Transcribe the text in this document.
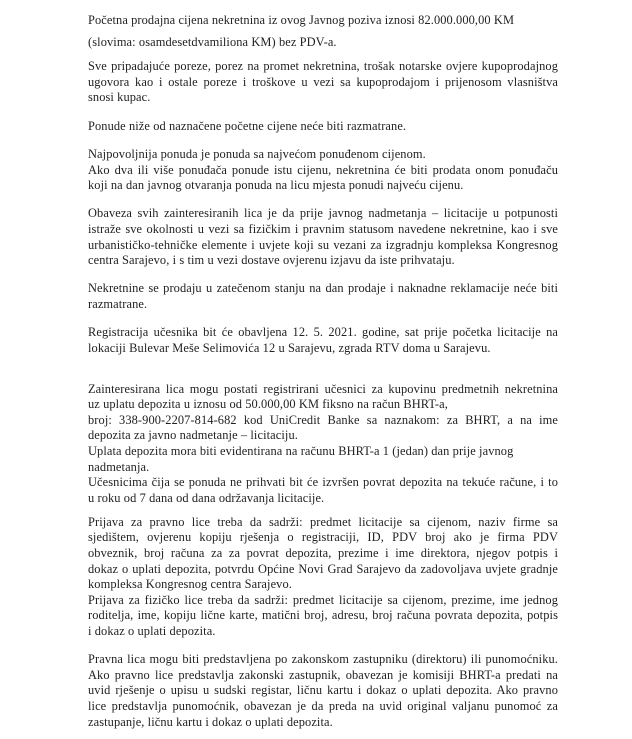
Početna prodajna cijena nekretnina iz ovog Javnog poziva iznosi 82.000.000,00 KM
(slovima: osamdesetdvamiliona KM) bez PDV-a.
Sve pripadajuće poreze, porez na promet nekretnina, trošak notarske ovjere kupoprodajnog
ugovora kao i ostale poreze i troškove u vezi sa kupoprodajom i prijenosom vlasništva
snosi kupac.
Ponude niže od naznačene početne cijene neće biti razmatrane.
Najpovoljnija ponuda je ponuda sa najvećom ponuđenom cijenom.
Ako dva ili više ponuđača ponude istu cijenu, nekretnina će biti prodata onom ponuđaču
koji na dan javnog otvaranja ponuda na licu mjesta ponudi najveću cijenu.
Obaveza svih zainteresiranih lica je da prije javnog nadmetanja – licitacije u potpunosti
istraže sve okolnosti u vezi sa fizičkim i pravnim statusom navedene nekretnine, kao i sve
urbanističko-tehničke elemente i uvjete koji su vezani za izgradnju kompleksa Kongresnog
centra Sarajevo, i s tim u vezi dostave ovjerenu izjavu da iste prihvataju.
Nekretnine se prodaju u zatečenom stanju na dan prodaje i naknadne reklamacije neće biti
razmatrane.
Registracija učesnika bit će obavljena 12. 5. 2021. godine, sat prije početka licitacije na
lokaciji Bulevar Meše Selimovića 12 u Sarajevu, zgrada RTV doma u Sarajevu.
Zainteresirana lica mogu postati registrirani učesnici za kupovinu predmetnih nekretnina
uz uplatu depozita u iznosu od 50.000,00 KM fiksno na račun BHRT-a,
broj: 338-900-2207-814-682 kod UniCredit Banke sa naznakom: za BHRT, a na ime
depozita za javno nadmetanje – licitaciju.
Uplata depozita mora biti evidentirana na računu BHRT-a 1 (jedan) dan prije javnog
nadmetanja.
Učesnicima čija se ponuda ne prihvati bit će izvršen povrat depozita na tekuće račune, i to
u roku od 7 dana od dana održavanja licitacije.
Prijava za pravno lice treba da sadrži: predmet licitacije sa cijenom, naziv firme sa
sjedištem, ovjerenu kopiju rješenja o registraciji, ID, PDV broj ako je firma PDV
obveznik, broj računa za za povrat depozita, prezime i ime direktora, njegov potpis i
dokaz o uplati depozita, potvrdu Općine Novi Grad Sarajevo da zadovoljava uvjete gradnje
kompleksa Kongresnog centra Sarajevo.
Prijava za fizičko lice treba da sadrži: predmet licitacije sa cijenom, prezime, ime jednog
roditelja, ime, kopiju lične karte, matični broj, adresu, broj računa povrata depozita, potpis
i dokaz o uplati depozita.
Pravna lica mogu biti predstavljena po zakonskom zastupniku (direktoru) ili punomoćniku.
Ako pravno lice predstavlja zakonski zastupnik, obavezan je komisiji BHRT-a predati na
uvid rješenje o upisu u sudski registar, ličnu kartu i dokaz o uplati depozita. Ako pravno
lice predstavlja punomoćnik, obavezan je da preda na uvid original valjanu punomoć za
zastupanje, ličnu kartu i dokaz o uplati depozita.
